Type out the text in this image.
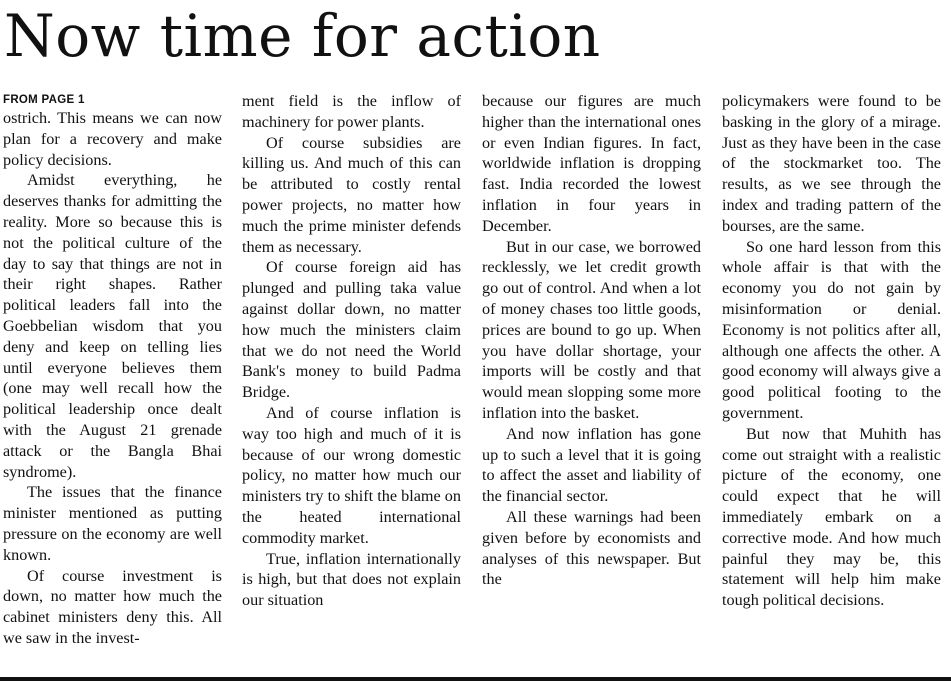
Now time for action
FROM PAGE 1

ostrich. This means we can now plan for a recovery and make policy decisions.

Amidst everything, he deserves thanks for admitting the reality. More so because this is not the political culture of the day to say that things are not in their right shapes. Rather political leaders fall into the Goebbelian wisdom that you deny and keep on telling lies until everyone believes them (one may well recall how the political leadership once dealt with the August 21 grenade attack or the Bangla Bhai syndrome).

The issues that the finance minister mentioned as putting pressure on the economy are well known.

Of course investment is down, no matter how much the cabinet ministers deny this. All we saw in the invest-

ment field is the inflow of machinery for power plants.

Of course subsidies are killing us. And much of this can be attributed to costly rental power projects, no matter how much the prime minister defends them as necessary.

Of course foreign aid has plunged and pulling taka value against dollar down, no matter how much the ministers claim that we do not need the World Bank's money to build Padma Bridge.

And of course inflation is way too high and much of it is because of our wrong domestic policy, no matter how much our ministers try to shift the blame on the heated international commodity market.

True, inflation internationally is high, but that does not explain our situation

because our figures are much higher than the international ones or even Indian figures. In fact, worldwide inflation is dropping fast. India recorded the lowest inflation in four years in December.

But in our case, we borrowed recklessly, we let credit growth go out of control. And when a lot of money chases too little goods, prices are bound to go up. When you have dollar shortage, your imports will be costly and that would mean slopping some more inflation into the basket.

And now inflation has gone up to such a level that it is going to affect the asset and liability of the financial sector.

All these warnings had been given before by economists and analyses of this newspaper. But the

policymakers were found to be basking in the glory of a mirage. Just as they have been in the case of the stockmarket too. The results, as we see through the index and trading pattern of the bourses, are the same.

So one hard lesson from this whole affair is that with the economy you do not gain by misinformation or denial. Economy is not politics after all, although one affects the other. A good economy will always give a good political footing to the government.

But now that Muhith has come out straight with a realistic picture of the economy, one could expect that he will immediately embark on a corrective mode. And how much painful they may be, this statement will help him make tough political decisions.
